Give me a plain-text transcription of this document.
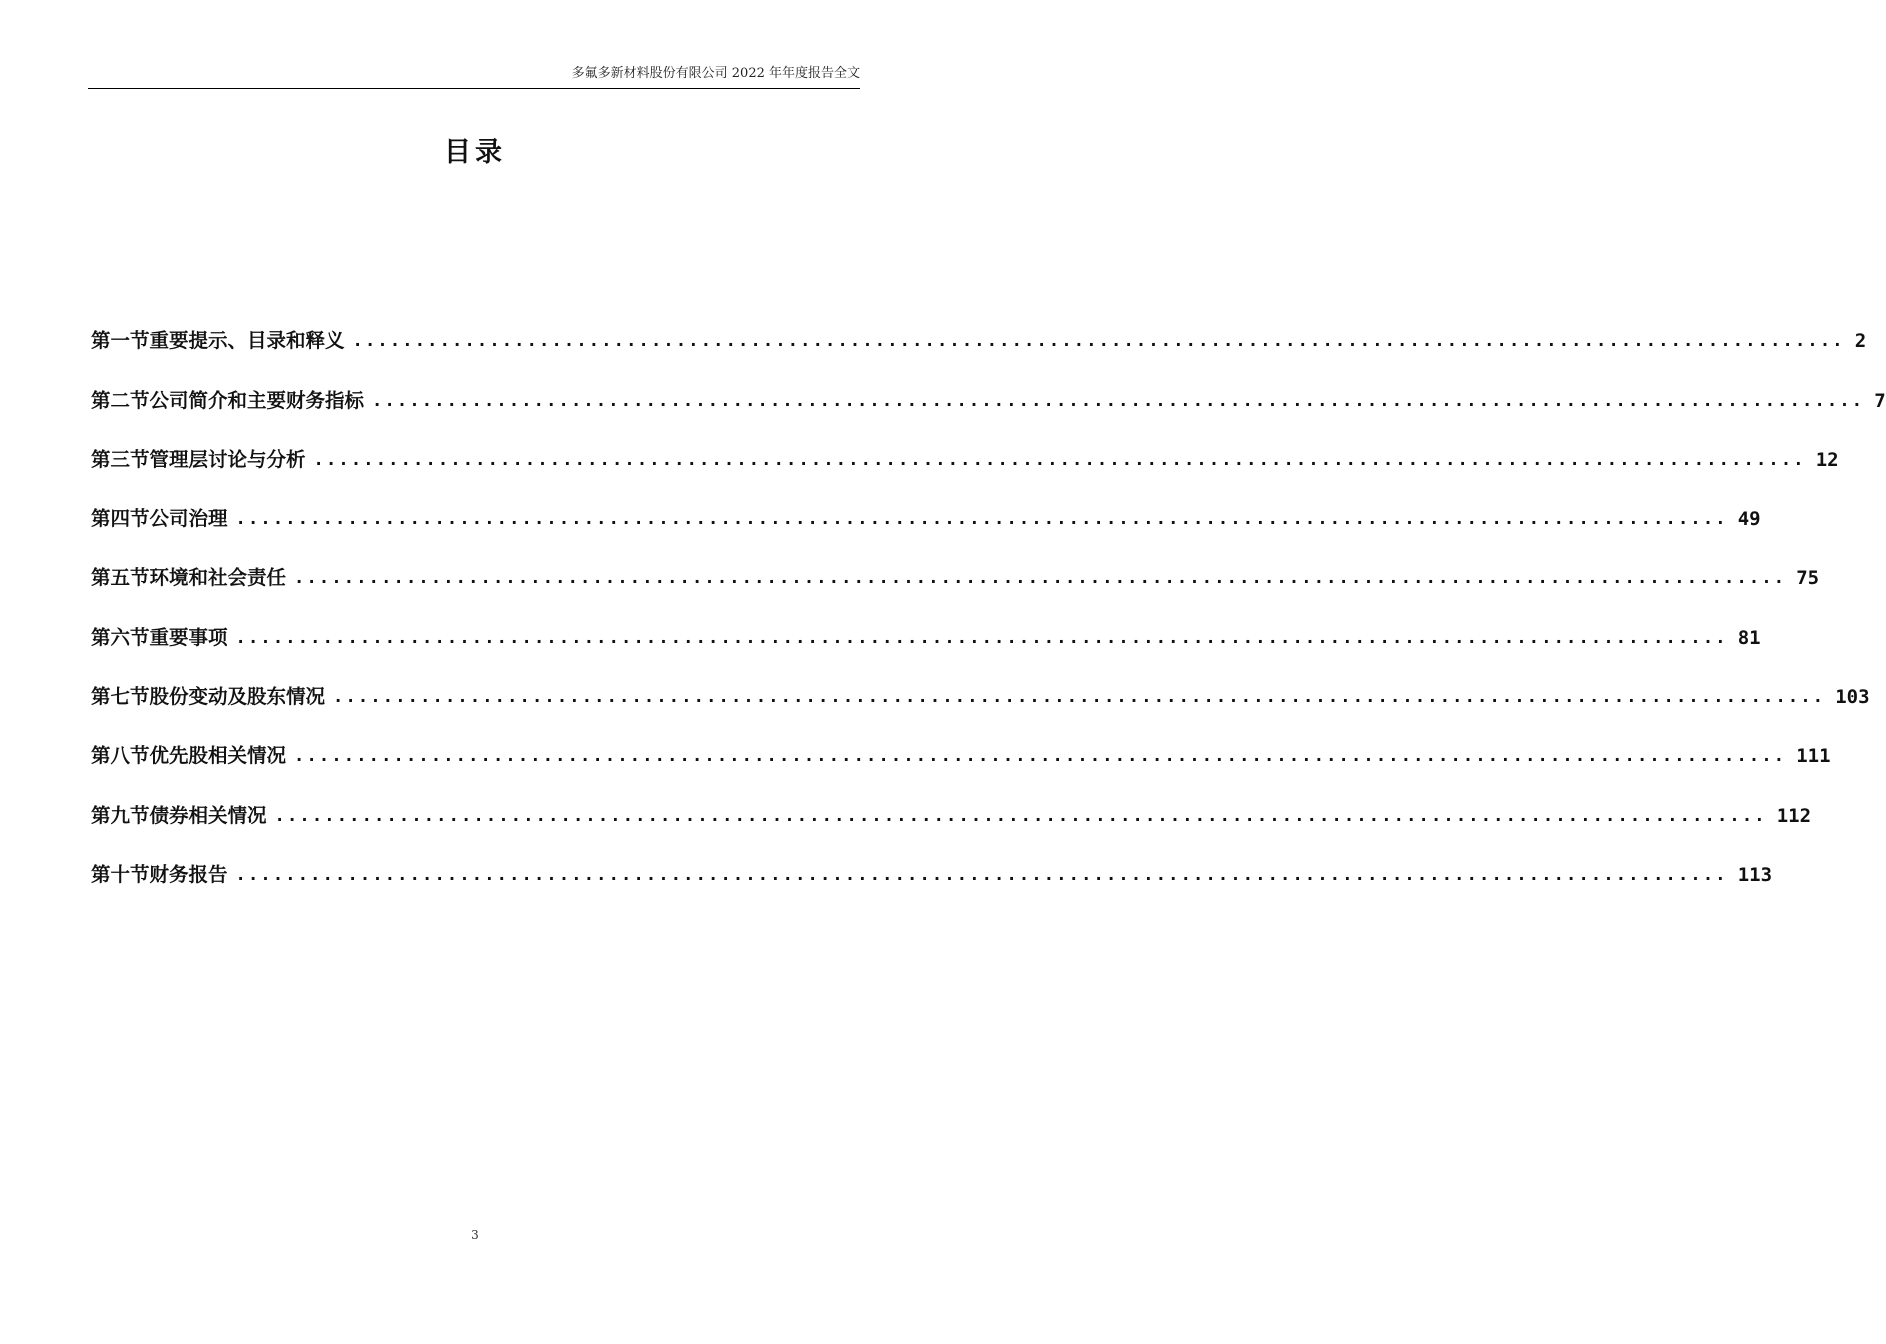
多氟多新材料股份有限公司 2022 年年度报告全文
目录
第一节 重要提示、目录和释义 ........................................................................................................................ 2
第二节 公司简介和主要财务指标 ........................................................................................................................ 7
第三节 管理层讨论与分析 ........................................................................................................................ 12
第四节 公司治理 ........................................................................................................................ 49
第五节 环境和社会责任 ........................................................................................................................ 75
第六节 重要事项 ........................................................................................................................ 81
第七节 股份变动及股东情况 ........................................................................................................................ 103
第八节 优先股相关情况 ........................................................................................................................ 111
第九节 债券相关情况 ........................................................................................................................ 112
第十节 财务报告 ........................................................................................................................ 113
3
